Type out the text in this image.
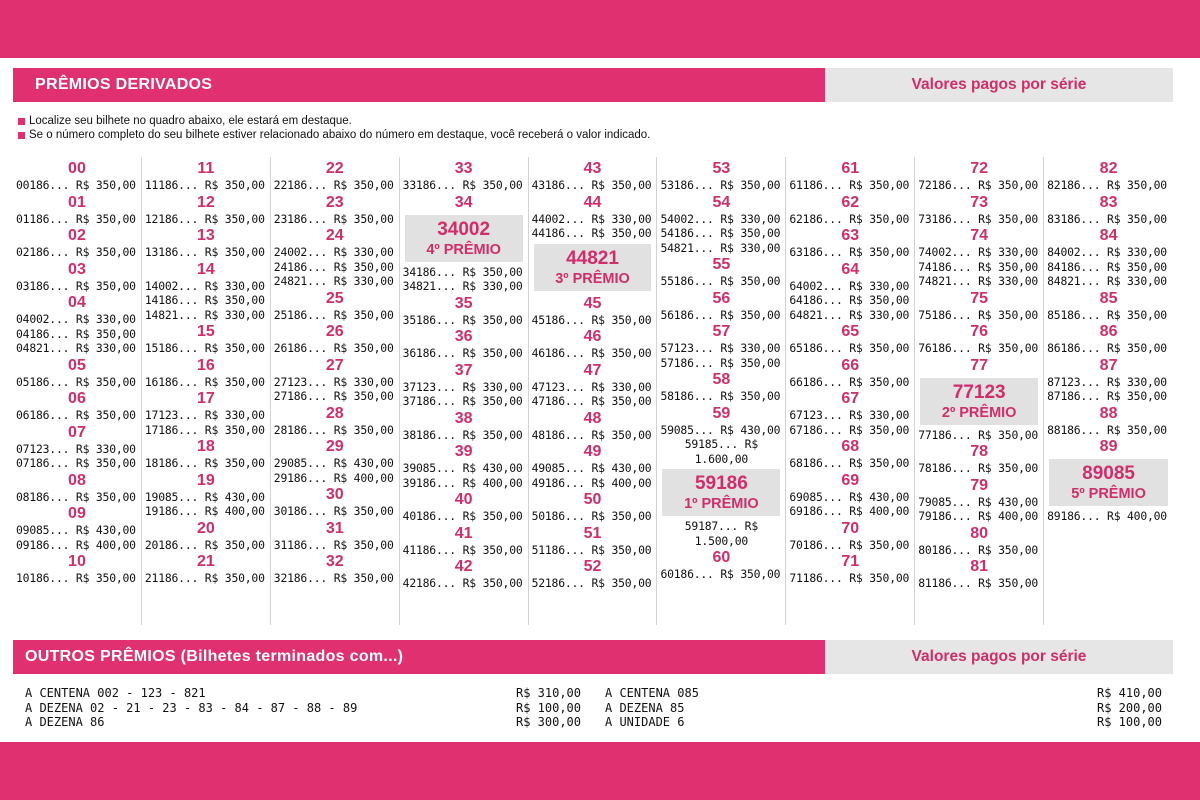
PRÊMIOS DERIVADOS	Valores pagos por série
Localize seu bilhete no quadro abaixo, ele estará em destaque.
Se o número completo do seu bilhete estiver relacionado abaixo do número em destaque, você receberá o valor indicado.
00
00186... R$ 350,00
01
01186... R$ 350,00
02
02186... R$ 350,00
03
03186... R$ 350,00
04
04002... R$ 330,00
04186... R$ 350,00
04821... R$ 330,00
05
05186... R$ 350,00
06
06186... R$ 350,00
07
07123... R$ 330,00
07186... R$ 350,00
08
08186... R$ 350,00
09
09085... R$ 430,00
09186... R$ 400,00
10
10186... R$ 350,00
11
11186... R$ 350,00
12
12186... R$ 350,00
13
13186... R$ 350,00
14
14002... R$ 330,00
14186... R$ 350,00
14821... R$ 330,00
15
15186... R$ 350,00
16
16186... R$ 350,00
17
17123... R$ 330,00
17186... R$ 350,00
18
18186... R$ 350,00
19
19085... R$ 430,00
19186... R$ 400,00
20
20186... R$ 350,00
21
21186... R$ 350,00
22
22186... R$ 350,00
23
23186... R$ 350,00
24
24002... R$ 330,00
24186... R$ 350,00
24821... R$ 330,00
25
25186... R$ 350,00
26
26186... R$ 350,00
27
27123... R$ 330,00
27186... R$ 350,00
28
28186... R$ 350,00
29
29085... R$ 430,00
29186... R$ 400,00
30
30186... R$ 350,00
31
31186... R$ 350,00
32
32186... R$ 350,00
33
33186... R$ 350,00
34
34002
4º PRÊMIO
34186... R$ 350,00
34821... R$ 330,00
35
35186... R$ 350,00
36
36186... R$ 350,00
37
37123... R$ 330,00
37186... R$ 350,00
38
38186... R$ 350,00
39
39085... R$ 430,00
39186... R$ 400,00
40
40186... R$ 350,00
41
41186... R$ 350,00
42
42186... R$ 350,00
43
43186... R$ 350,00
44
44002... R$ 330,00
44186... R$ 350,00
44821
3º PRÊMIO
45
45186... R$ 350,00
46
46186... R$ 350,00
47
47123... R$ 330,00
47186... R$ 350,00
48
48186... R$ 350,00
49
49085... R$ 430,00
49186... R$ 400,00
50
50186... R$ 350,00
51
51186... R$ 350,00
52
52186... R$ 350,00
53
53186... R$ 350,00
54
54002... R$ 330,00
54186... R$ 350,00
54821... R$ 330,00
55
55186... R$ 350,00
56
56186... R$ 350,00
57
57123... R$ 330,00
57186... R$ 350,00
58
58186... R$ 350,00
59
59085... R$ 430,00
59185... R$
1.600,00
59186
1º PRÊMIO
59187... R$
1.500,00
60
60186... R$ 350,00
61
61186... R$ 350,00
62
62186... R$ 350,00
63
63186... R$ 350,00
64
64002... R$ 330,00
64186... R$ 350,00
64821... R$ 330,00
65
65186... R$ 350,00
66
66186... R$ 350,00
67
67123... R$ 330,00
67186... R$ 350,00
68
68186... R$ 350,00
69
69085... R$ 430,00
69186... R$ 400,00
70
70186... R$ 350,00
71
71186... R$ 350,00
72
72186... R$ 350,00
73
73186... R$ 350,00
74
74002... R$ 330,00
74186... R$ 350,00
74821... R$ 330,00
75
75186... R$ 350,00
76
76186... R$ 350,00
77
77123
2º PRÊMIO
77186... R$ 350,00
78
78186... R$ 350,00
79
79085... R$ 430,00
79186... R$ 400,00
80
80186... R$ 350,00
81
81186... R$ 350,00
82
82186... R$ 350,00
83
83186... R$ 350,00
84
84002... R$ 330,00
84186... R$ 350,00
84821... R$ 330,00
85
85186... R$ 350,00
86
86186... R$ 350,00
87
87123... R$ 330,00
87186... R$ 350,00
88
88186... R$ 350,00
89
89085
5º PRÊMIO
89186... R$ 400,00
OUTROS PRÊMIOS (Bilhetes terminados com...)	Valores pagos por série
A CENTENA 002 - 123 - 821	R$ 310,00
A DEZENA 02 - 21 - 23 - 83 - 84 - 87 - 88 - 89	R$ 100,00
A DEZENA 86	R$ 300,00
A CENTENA 085	R$ 410,00
A DEZENA 85	R$ 200,00
A UNIDADE 6	R$ 100,00
